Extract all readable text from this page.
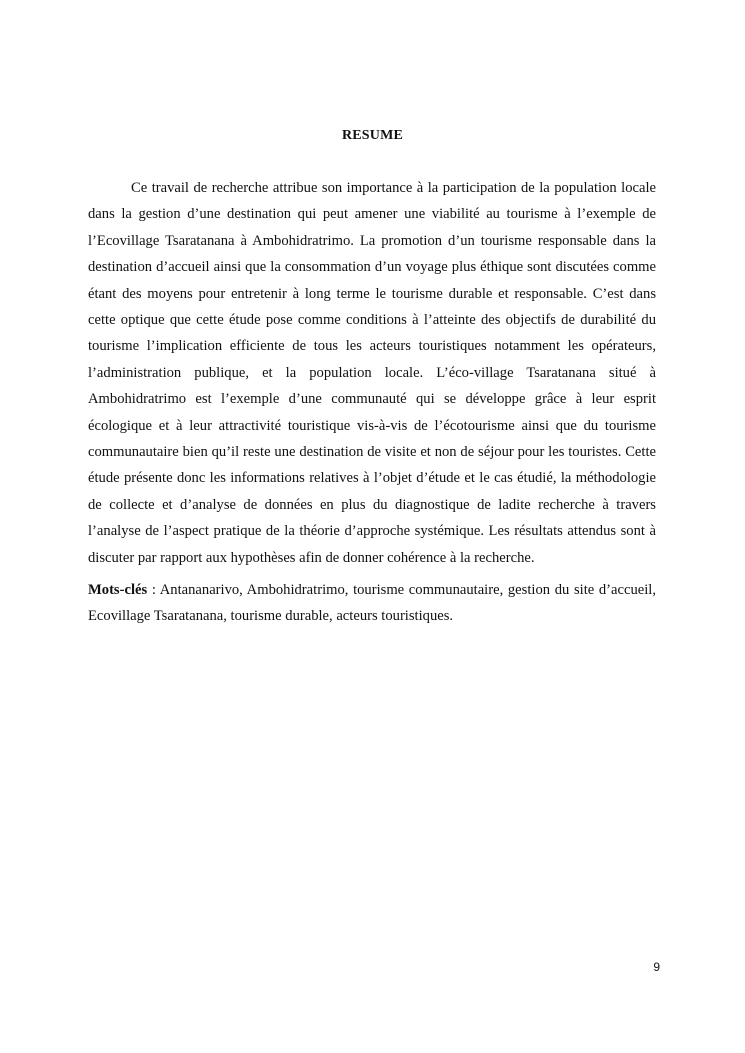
RESUME

Ce travail de recherche attribue son importance à la participation de la population locale dans la gestion d’une destination qui peut amener une viabilité au tourisme à l’exemple de l’Ecovillage Tsaratanana à Ambohidratrimo. La promotion d’un tourisme responsable dans la destination d’accueil ainsi que la consommation d’un voyage plus éthique sont discutées comme étant des moyens pour entretenir à long terme le tourisme durable et responsable. C’est dans cette optique que cette étude pose comme conditions à l’atteinte des objectifs de durabilité du tourisme l’implication efficiente de tous les acteurs touristiques notamment les opérateurs, l’administration publique, et la population locale. L’éco-village Tsaratanana situé à Ambohidratrimo est l’exemple d’une communauté qui se développe grâce à leur esprit écologique et à leur attractivité touristique vis-à-vis de l’écotourisme ainsi que du tourisme communautaire bien qu’il reste une destination de visite et non de séjour pour les touristes. Cette étude présente donc les informations relatives à l’objet d’étude et le cas étudié, la méthodologie de collecte et d’analyse de données en plus du diagnostique de ladite recherche à travers l’analyse de l’aspect pratique de la théorie d’approche systémique. Les résultats attendus sont à discuter par rapport aux hypothèses afin de donner cohérence à la recherche.

Mots-clés : Antananarivo, Ambohidratrimo, tourisme communautaire, gestion du site d’accueil, Ecovillage Tsaratanana, tourisme durable, acteurs touristiques.

9
